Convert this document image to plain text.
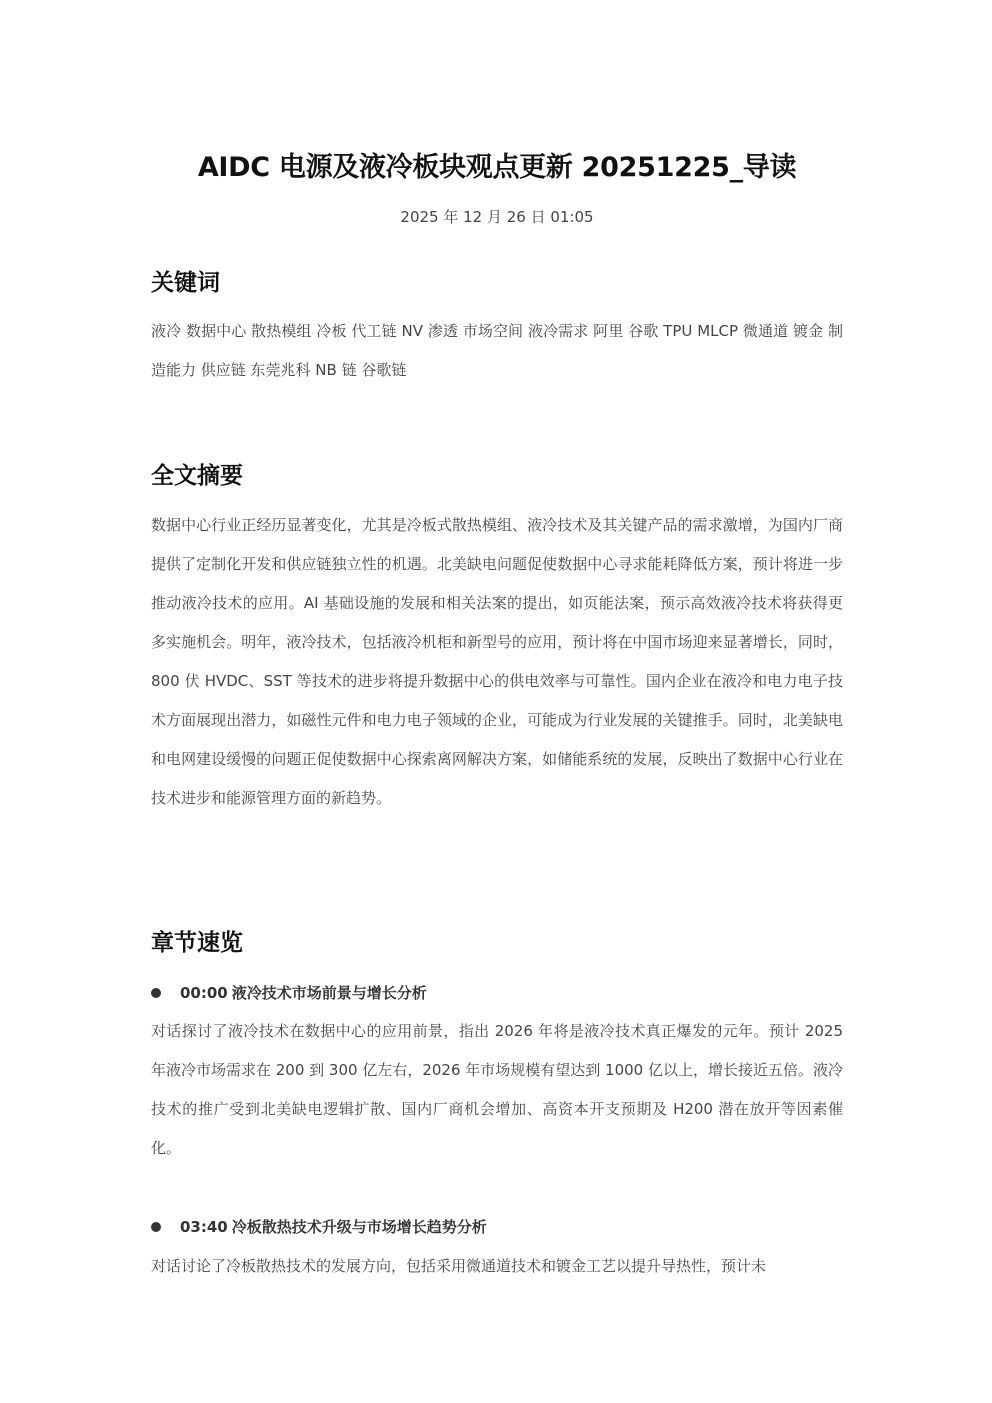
AIDC 电源及液冷板块观点更新 20251225_导读
2025 年 12 月 26 日 01:05
关键词
液冷 数据中心 散热模组 冷板 代工链 NV 渗透 市场空间 液冷需求 阿里 谷歌 TPU MLCP 微通道 镀金 制造能力 供应链 东莞兆科 NB 链 谷歌链
全文摘要
数据中心行业正经历显著变化，尤其是冷板式散热模组、液冷技术及其关键产品的需求激增，为国内厂商提供了定制化开发和供应链独立性的机遇。北美缺电问题促使数据中心寻求能耗降低方案，预计将进一步推动液冷技术的应用。AI 基础设施的发展和相关法案的提出，如页能法案，预示高效液冷技术将获得更多实施机会。明年，液冷技术，包括液冷机柜和新型号的应用，预计将在中国市场迎来显著增长，同时，800 伏 HVDC、SST 等技术的进步将提升数据中心的供电效率与可靠性。国内企业在液冷和电力电子技术方面展现出潜力，如磁性元件和电力电子领域的企业，可能成为行业发展的关键推手。同时，北美缺电和电网建设缓慢的问题正促使数据中心探索离网解决方案，如储能系统的发展，反映出了数据中心行业在技术进步和能源管理方面的新趋势。
章节速览
00:00 液冷技术市场前景与增长分析
对话探讨了液冷技术在数据中心的应用前景，指出 2026 年将是液冷技术真正爆发的元年。预计 2025 年液冷市场需求在 200 到 300 亿左右，2026 年市场规模有望达到 1000 亿以上，增长接近五倍。液冷技术的推广受到北美缺电逻辑扩散、国内厂商机会增加、高资本开支预期及 H200 潜在放开等因素催化。
03:40 冷板散热技术升级与市场增长趋势分析
对话讨论了冷板散热技术的发展方向，包括采用微通道技术和镀金工艺以提升导热性，预计未
